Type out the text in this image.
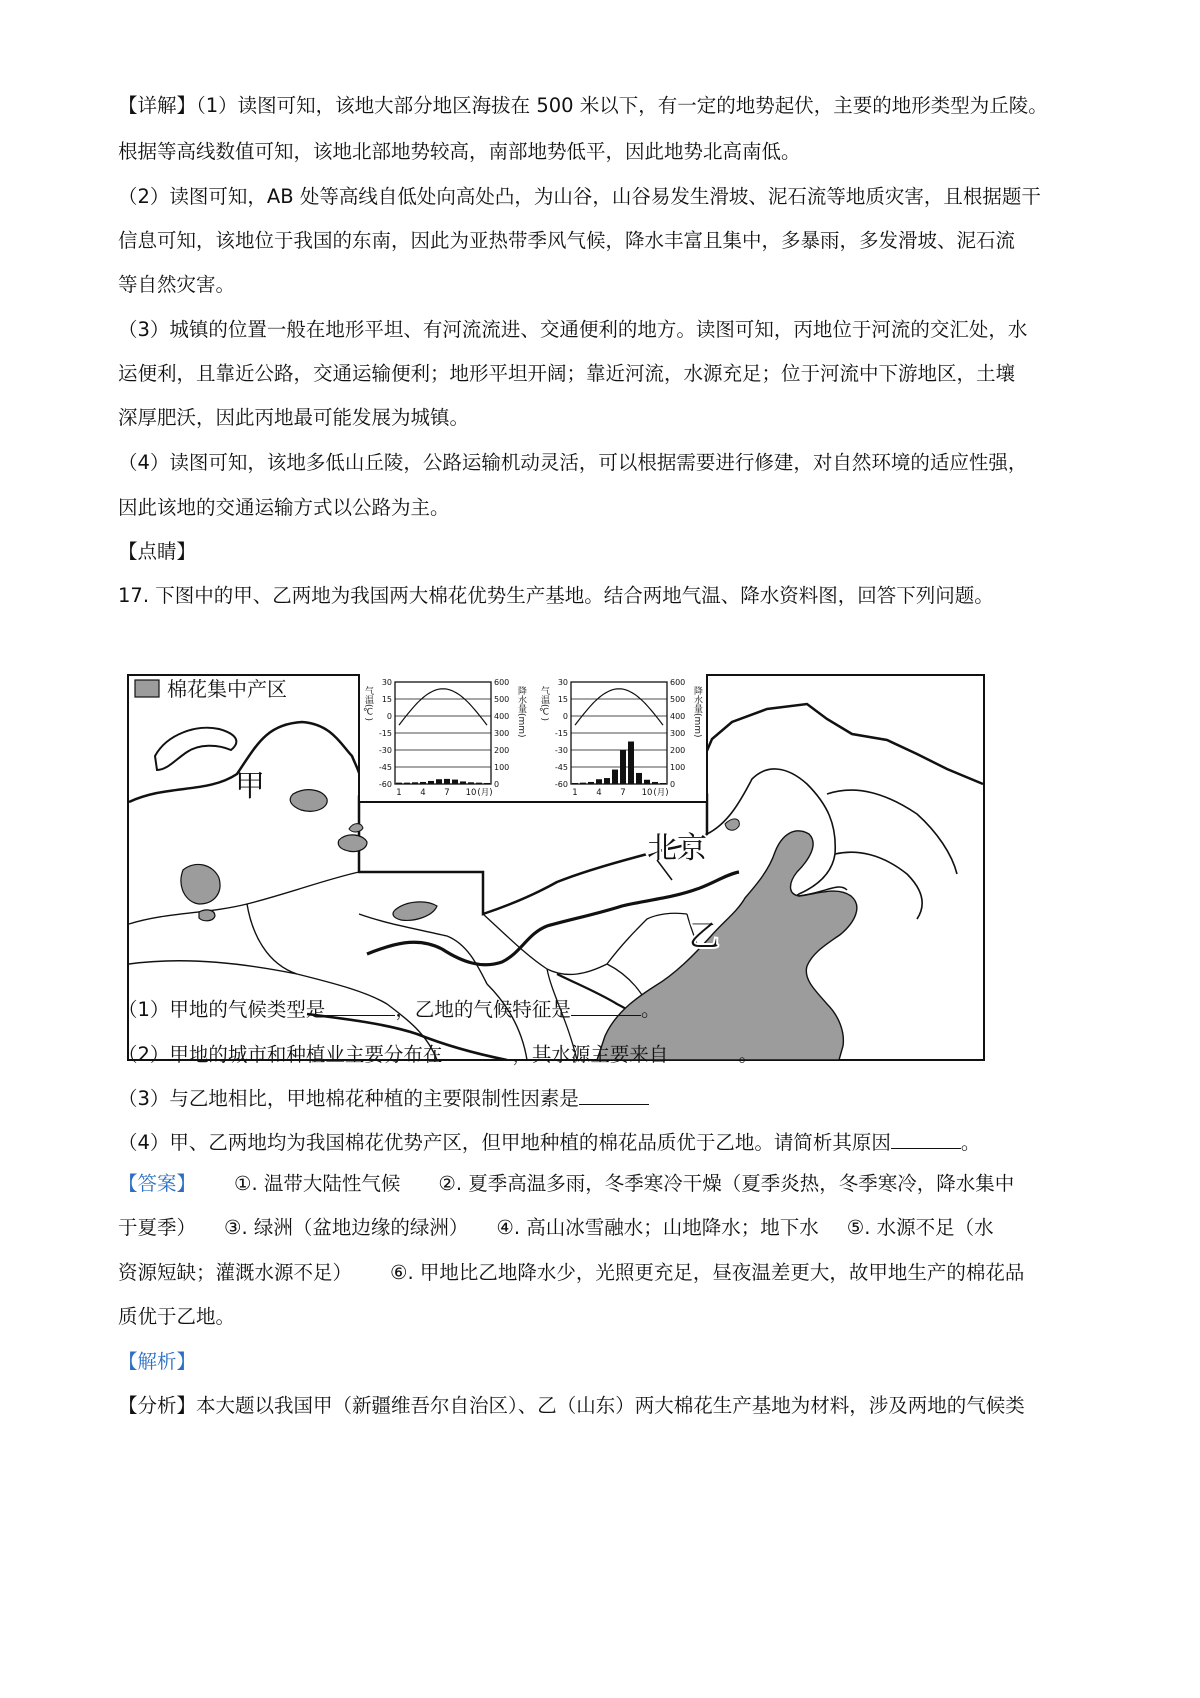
【详解】（1）读图可知，该地大部分地区海拔在 500 米以下，有一定的地势起伏，主要的地形类型为丘陵。
根据等高线数值可知，该地北部地势较高，南部地势低平，因此地势北高南低。
（2）读图可知，AB 处等高线自低处向高处凸，为山谷，山谷易发生滑坡、泥石流等地质灾害，且根据题干
信息可知，该地位于我国的东南，因此为亚热带季风气候，降水丰富且集中，多暴雨，多发滑坡、泥石流
等自然灾害。
（3）城镇的位置一般在地形平坦、有河流流进、交通便利的地方。读图可知，丙地位于河流的交汇处，水
运便利，且靠近公路，交通运输便利；地形平坦开阔；靠近河流，水源充足；位于河流中下游地区，土壤
深厚肥沃，因此丙地最可能发展为城镇。
（4）读图可知，该地多低山丘陵，公路运输机动灵活，可以根据需要进行修建，对自然环境的适应性强，
因此该地的交通运输方式以公路为主。
【点睛】
17. 下图中的甲、乙两地为我国两大棉花优势生产基地。结合两地气温、降水资料图，回答下列问题。
棉花集中产区
甲
北京
乙
30	600
15	500
0	400
-15	300
-30	200
-45	100
-60	0
气温(℃)	降水量(mm)
1 4 7 10 (月)
30	600
15	500
0	400
-15	300
-30	200
-45	100
-60	0
气温(℃)	降水量(mm)
1 4 7 10 (月)
（1）甲地的气候类型是	，乙地的气候特征是	。
（2）甲地的城市和种植业主要分布在	，其水源主要来自	。
（3）与乙地相比，甲地棉花种植的主要限制性因素是
（4）甲、乙两地均为我国棉花优势产区，但甲地种植的棉花品质优于乙地。请简析其原因	。
【答案】 ①. 温带大陆性气候 ②. 夏季高温多雨，冬季寒冷干燥（夏季炎热，冬季寒冷，降水集中
于夏季） ③. 绿洲（盆地边缘的绿洲） ④. 高山冰雪融水；山地降水；地下水 ⑤. 水源不足（水
资源短缺；灌溉水源不足） ⑥. 甲地比乙地降水少，光照更充足，昼夜温差更大，故甲地生产的棉花品
质优于乙地。
【解析】
【分析】本大题以我国甲（新疆维吾尔自治区）、乙（山东）两大棉花生产基地为材料，涉及两地的气候类
